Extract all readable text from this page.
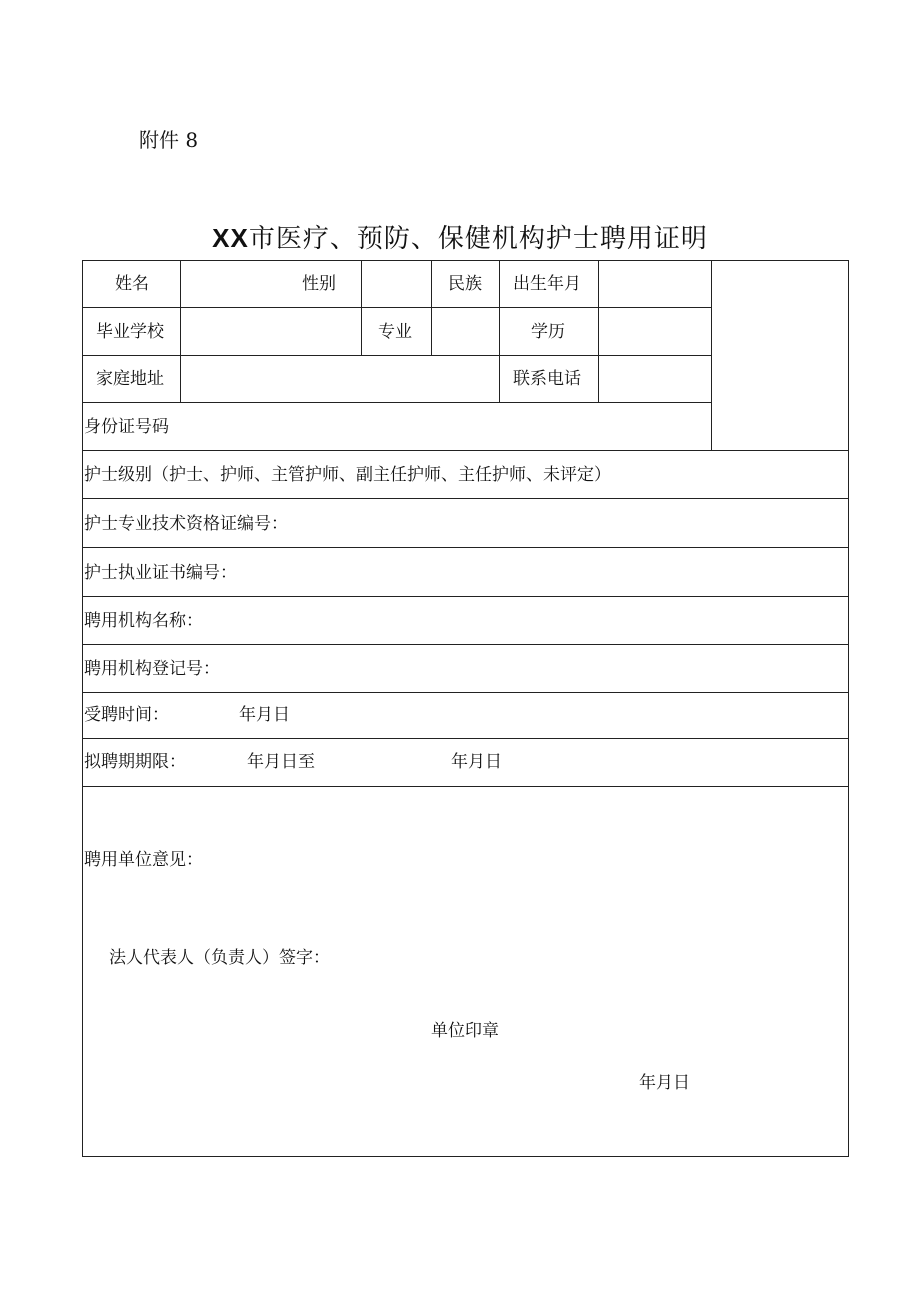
附件 8
XX市医疗、预防、保健机构护士聘用证明
姓名	性别	民族 出生年月
毕业学校	专业	学历
家庭地址	联系电话
身份证号码
护士级别（护士、护师、主管护师、副主任护师、主任护师、未评定）
护士专业技术资格证编号：
护士执业证书编号：
聘用机构名称：
聘用机构登记号：
受聘时间：	年月日
拟聘期期限：	年月日至	年月日
聘用单位意见：
法人代表人（负责人）签字：
单位印章
年月日
